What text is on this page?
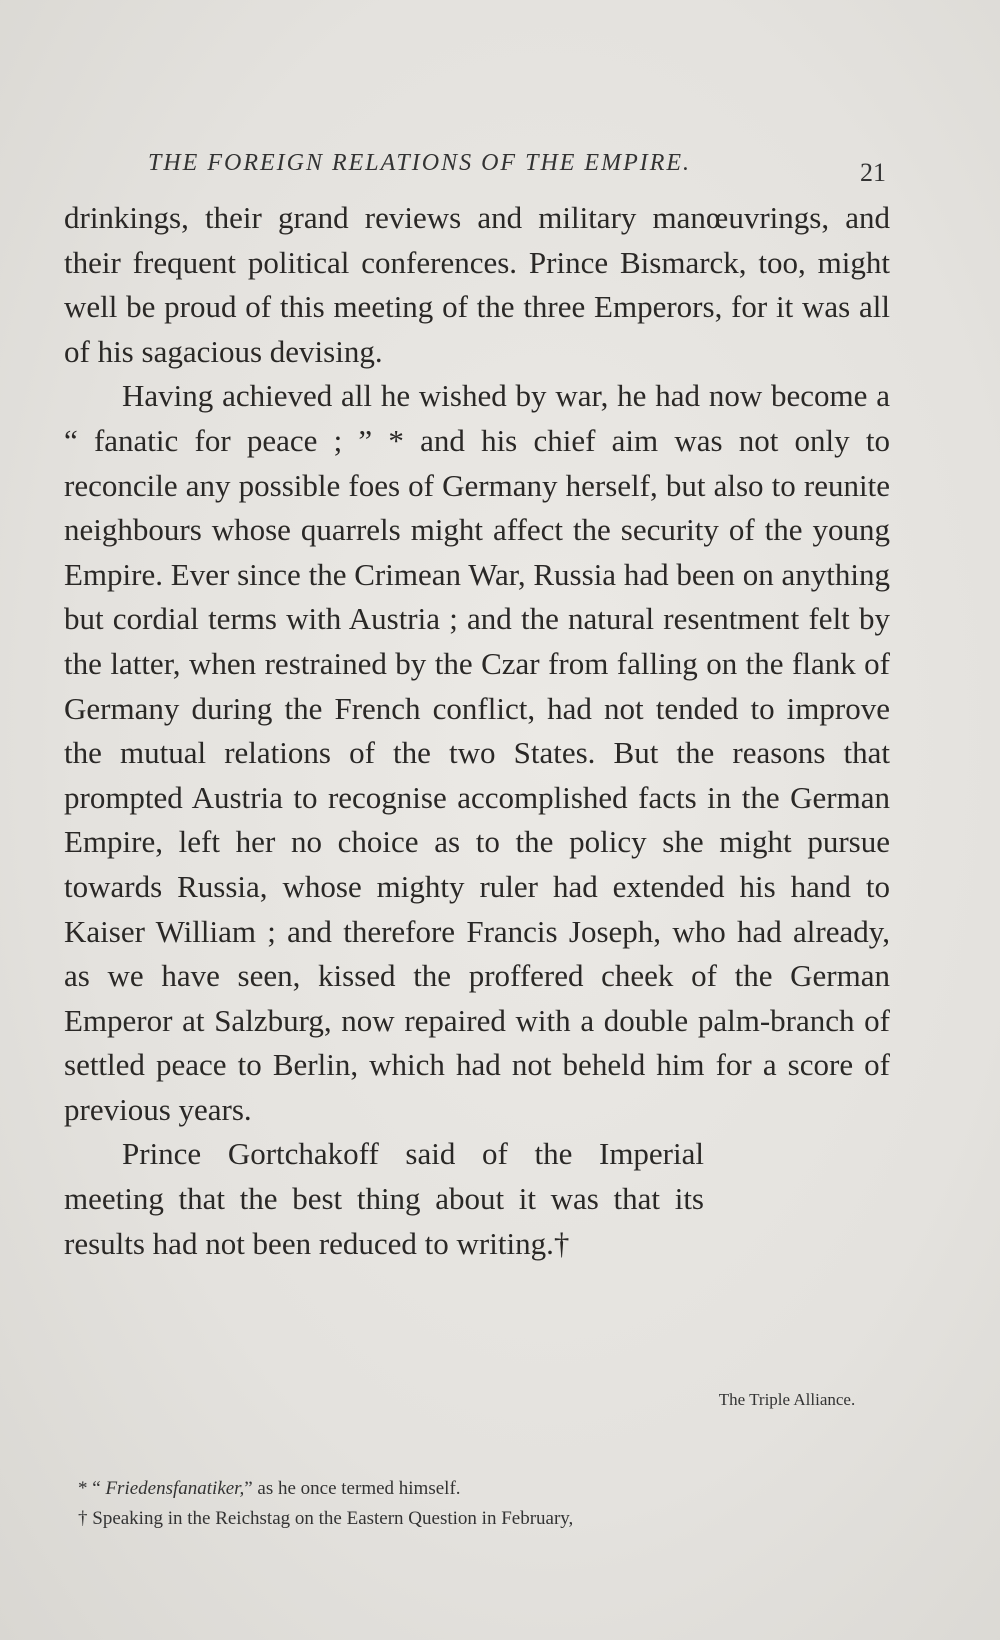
THE FOREIGN RELATIONS OF THE EMPIRE.	21

drinkings, their grand reviews and military manœuvrings, and their frequent political conferences. Prince Bismarck, too, might well be proud of this meeting of the three Emperors, for it was all of his sagacious devising.

Having achieved all he wished by war, he had now become a “ fanatic for peace ; ” * and his chief aim was not only to reconcile any possible foes of Germany herself, but also to reunite neighbours whose quarrels might affect the security of the young Empire. Ever since the Crimean War, Russia had been on anything but cordial terms with Austria ; and the natural resentment felt by the latter, when restrained by the Czar from falling on the flank of Germany during the French conflict, had not tended to improve the mutual relations of the two States. But the reasons that prompted Austria to recognise accomplished facts in the German Empire, left her no choice as to the policy she might pursue towards Russia, whose mighty ruler had extended his hand to Kaiser William ; and therefore Francis Joseph, who had already, as we have seen, kissed the proffered cheek of the German Emperor at Salzburg, now repaired with a double palm-branch of settled peace to Berlin, which had not beheld him for a score of previous years.

Prince Gortchakoff said of the Imperial meeting that the best thing about it was that its results had not been reduced to writing.†

The Triple Alliance.

* “ Friedensfanatiker,” as he once termed himself.

† Speaking in the Reichstag on the Eastern Question in February,
